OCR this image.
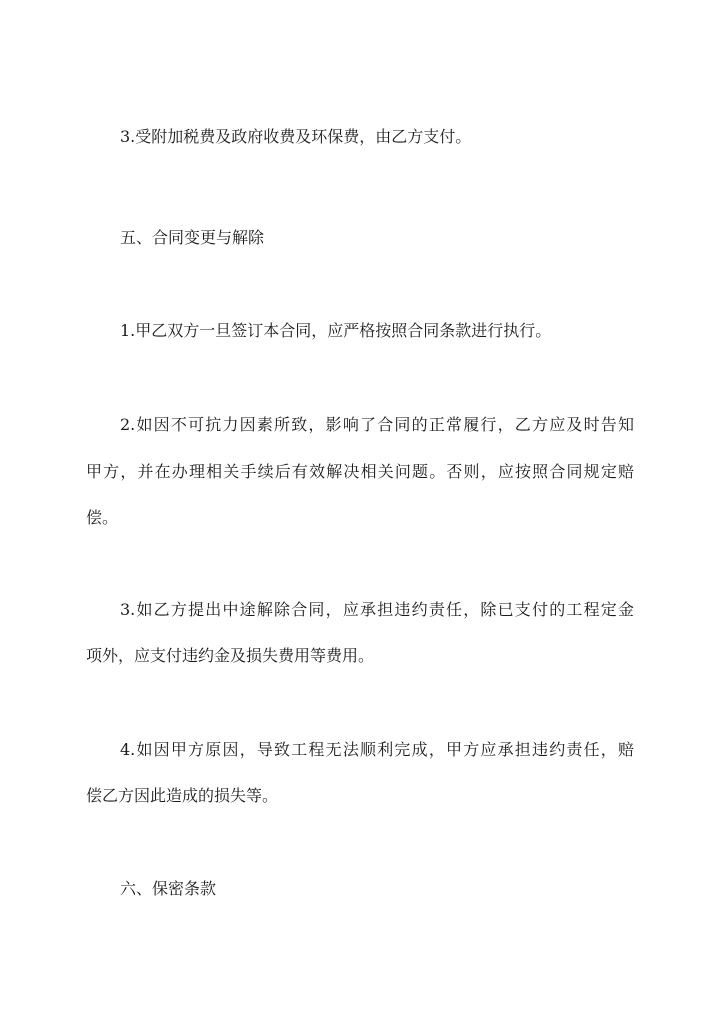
3.受附加税费及政府收费及环保费，由乙方支付。
五、合同变更与解除
1.甲乙双方一旦签订本合同，应严格按照合同条款进行执行。
2.如因不可抗力因素所致，影响了合同的正常履行，乙方应及时告知
甲方，并在办理相关手续后有效解决相关问题。否则，应按照合同规定赔
偿。
3.如乙方提出中途解除合同，应承担违约责任，除已支付的工程定金
项外，应支付违约金及损失费用等费用。
4.如因甲方原因，导致工程无法顺利完成，甲方应承担违约责任，赔
偿乙方因此造成的损失等。
六、保密条款
